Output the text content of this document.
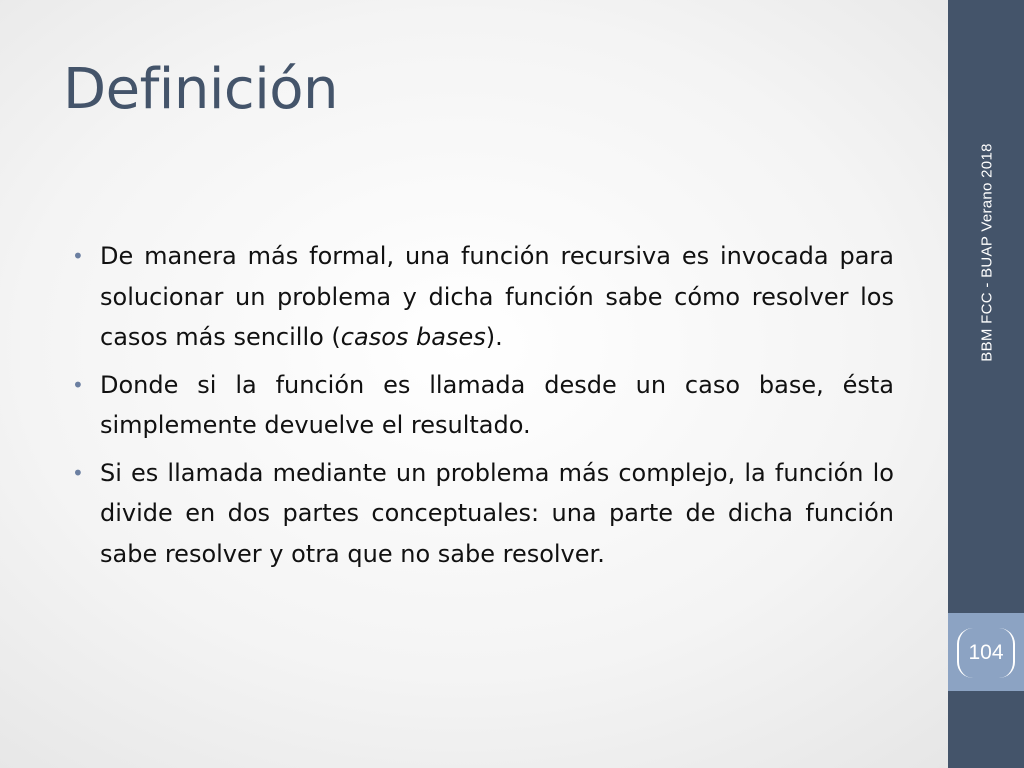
Definición
• De manera más formal, una función recursiva es invocada para solucionar un problema y dicha función sabe cómo resolver los casos más sencillo (casos bases).
• Donde si la función es llamada desde un caso base, ésta simplemente devuelve el resultado.
• Si es llamada mediante un problema más complejo, la función lo divide en dos partes conceptuales: una parte de dicha función sabe resolver y otra que no sabe resolver.
BBM FCC - BUAP Verano 2018
104
